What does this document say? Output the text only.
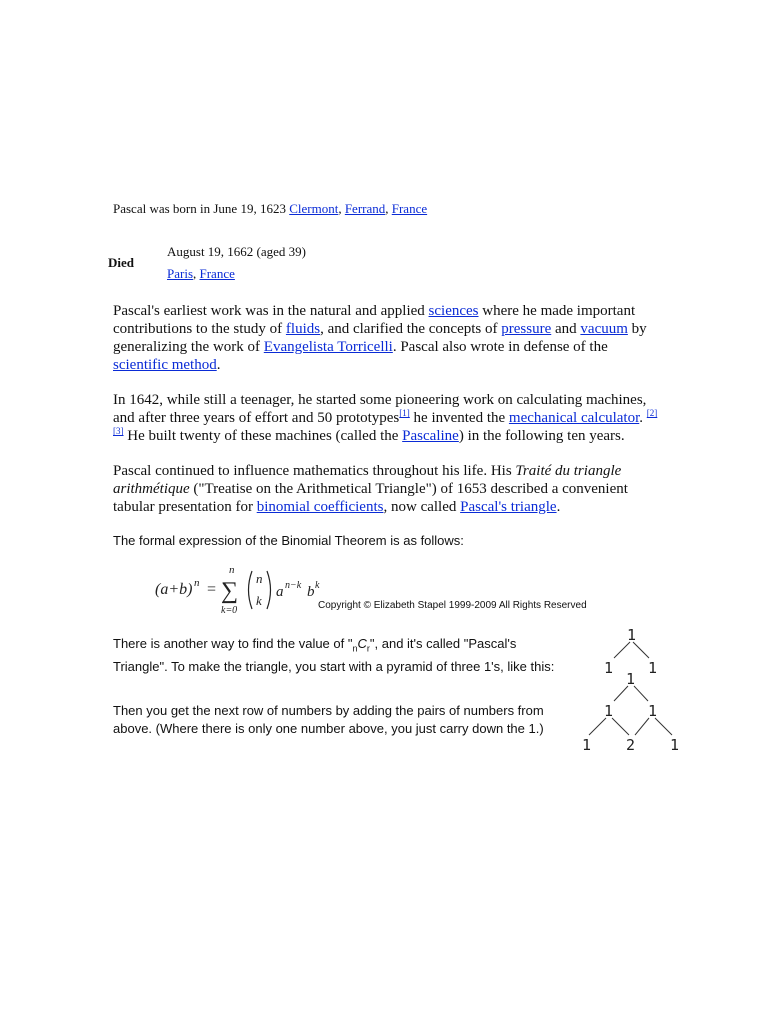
Pascal was born in June 19, 1623 Clermont, Ferrand, France
Died
August 19, 1662 (aged 39)
Paris, France
Pascal's earliest work was in the natural and applied sciences where he made important contributions to the study of fluids, and clarified the concepts of pressure and vacuum by generalizing the work of Evangelista Torricelli. Pascal also wrote in defense of the scientific method.
In 1642, while still a teenager, he started some pioneering work on calculating machines, and after three years of effort and 50 prototypes[1] he invented the mechanical calculator. [2][3] He built twenty of these machines (called the Pascaline) in the following ten years.
Pascal continued to influence mathematics throughout his life. His Traité du triangle arithmétique ("Treatise on the Arithmetical Triangle") of 1653 described a convenient tabular presentation for binomial coefficients, now called Pascal's triangle.
The formal expression of the Binomial Theorem is as follows:
(a+b) n =
n
∑
k=0
n
k
a n−k b k
Copyright © Elizabeth Stapel 1999-2009 All Rights Reserved
There is another way to find the value of "$_nC_r$", and it's called "Pascal's Triangle". To make the triangle, you start with a pyramid of three 1's, like this:
Then you get the next row of numbers by adding the pairs of numbers from above. (Where there is only one number above, you just carry down the 1.)
1
1 1
1
1 1
1 2 1
